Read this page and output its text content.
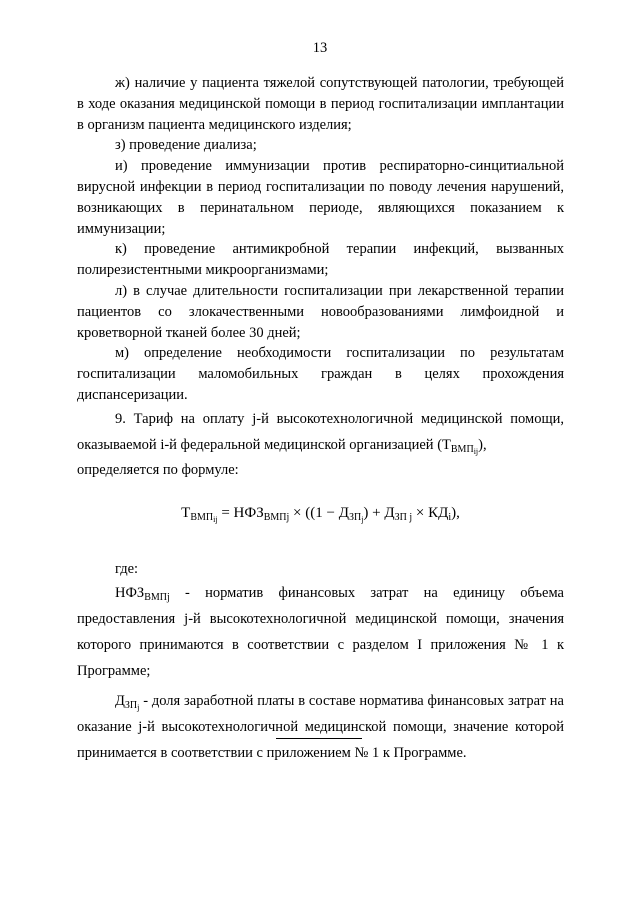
13

ж) наличие у пациента тяжелой сопутствующей патологии, требующей в ходе оказания медицинской помощи в период госпитализации имплантации в организм пациента медицинского изделия;

з) проведение диализа;

и) проведение иммунизации против респираторно-синцитиальной вирусной инфекции в период госпитализации по поводу лечения нарушений, возникающих в перинатальном периоде, являющихся показанием к иммунизации;

к) проведение антимикробной терапии инфекций, вызванных полирезистентными микроорганизмами;

л) в случае длительности госпитализации при лекарственной терапии пациентов со злокачественными новообразованиями лимфоидной и кроветворной тканей более 30 дней;

м) определение необходимости госпитализации по результатам госпитализации маломобильных граждан в целях прохождения диспансеризации.

9. Тариф на оплату j-й высокотехнологичной медицинской помощи, оказываемой i-й федеральной медицинской организацией $(Т_{ВМП_{ij}})$,

определяется по формуле:

$Т_{ВМП_{ij}} = НФЗ_{ВМПj} \times ((1 - Д_{ЗП_j}) + Д_{ЗП j} \times КД_i)$,

где:

$НФЗ_{ВМПj}$ - норматив финансовых затрат на единицу объема предоставления j-й высокотехнологичной медицинской помощи, значения которого принимаются в соответствии с разделом I приложения № 1 к Программе;

$Д_{ЗП_j}$ - доля заработной платы в составе норматива финансовых затрат на оказание j-й высокотехнологичной медицинской помощи, значение которой принимается в соответствии с приложением № 1 к Программе.
